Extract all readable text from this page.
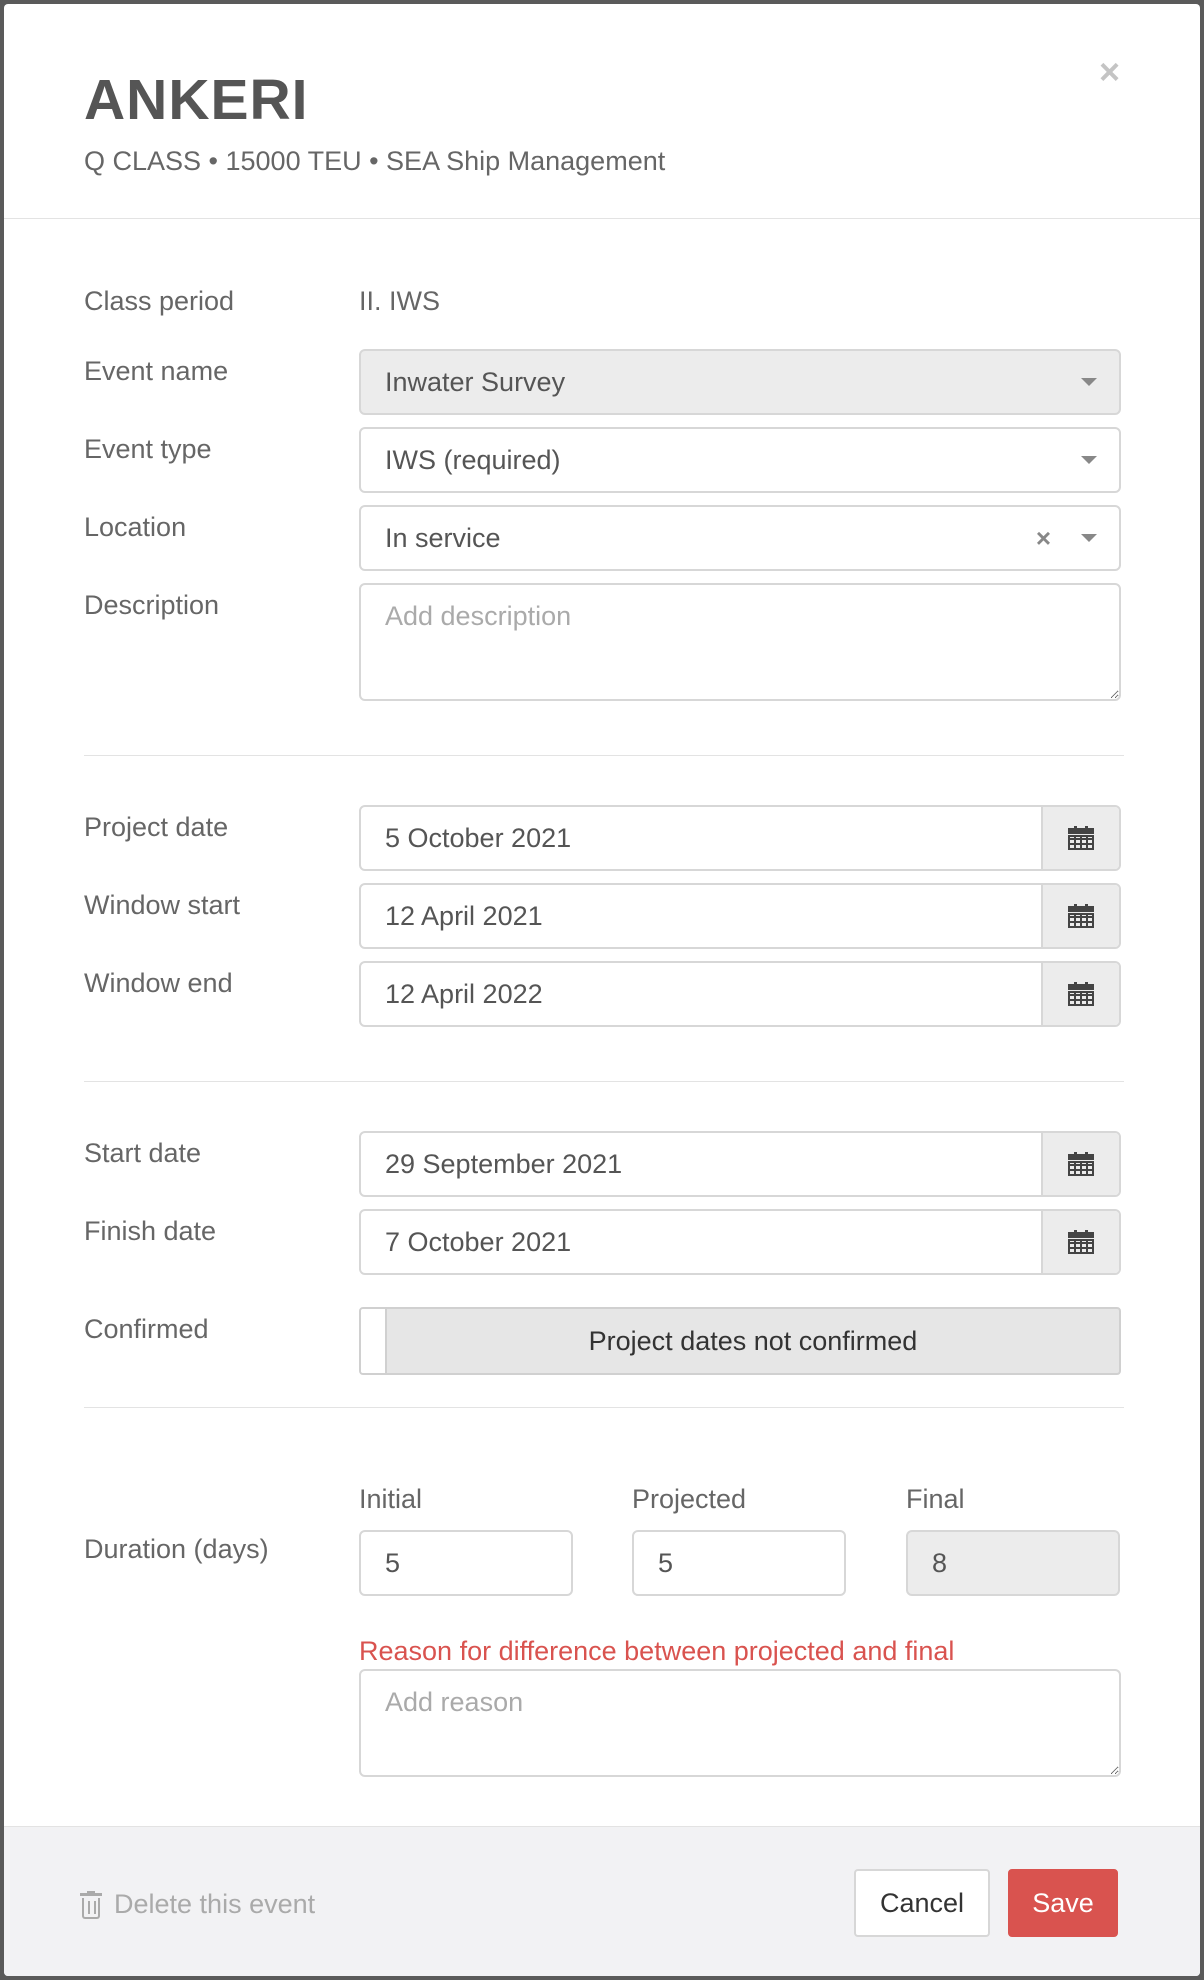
ANKERI
Q CLASS • 15000 TEU • SEA Ship Management
×
Class period	II. IWS
Event name	Inwater Survey
Event type	IWS (required)
Location	In service	×
Description
Add description
Project date	5 October 2021
Window start	12 April 2021
Window end	12 April 2022
Start date	29 September 2021
Finish date	7 October 2021
Confirmed	Project dates not confirmed
Initial	Projected	Final
Duration (days)	5	5	8
Reason for difference between projected and final
Add reason
Delete this event	Cancel	Save
